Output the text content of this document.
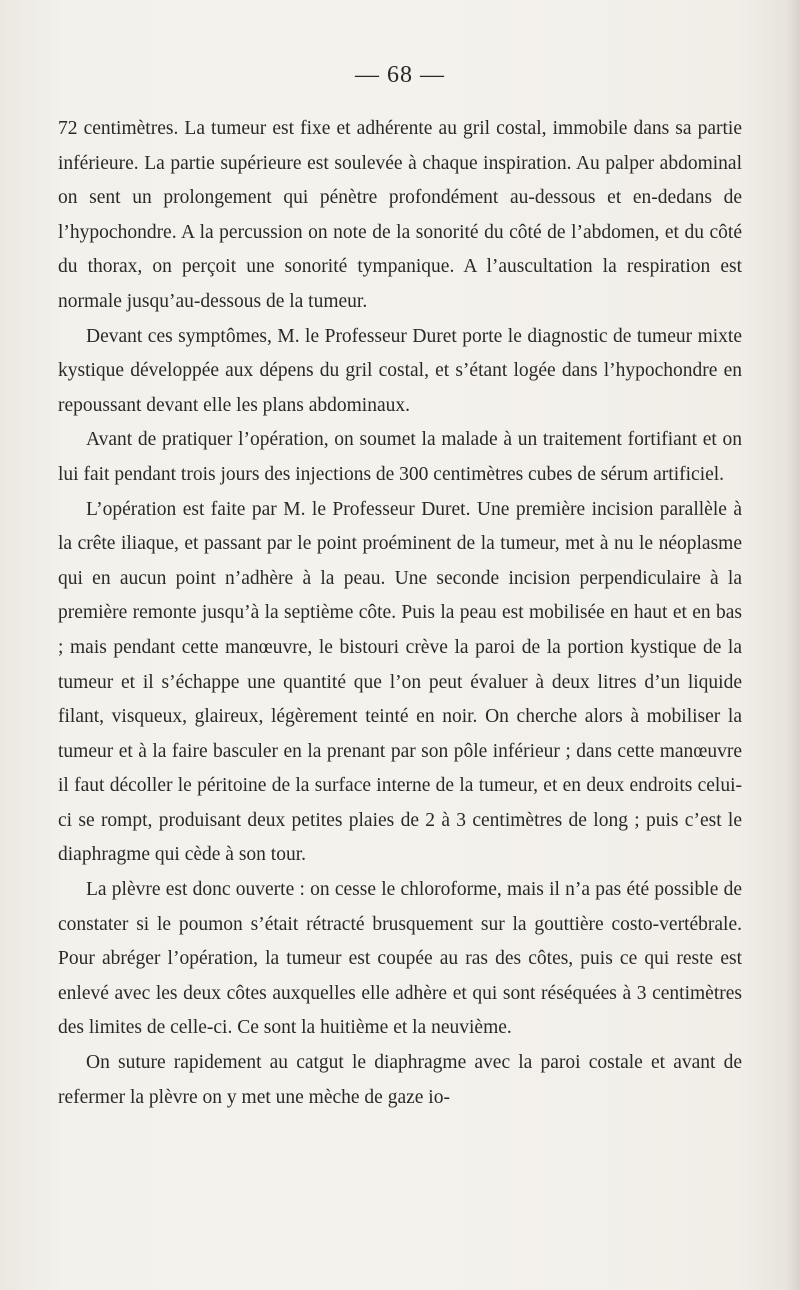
— 68 —

72 centimètres. La tumeur est fixe et adhérente au gril costal, immobile dans sa partie inférieure. La partie supérieure est soulevée à chaque inspiration. Au palper abdominal on sent un prolongement qui pénètre profondément au-dessous et en-dedans de l’hypochondre. A la percussion on note de la sonorité du côté de l’abdomen, et du côté du thorax, on perçoit une sonorité tympanique. A l’auscultation la respiration est normale jusqu’au-dessous de la tumeur.

Devant ces symptômes, M. le Professeur Duret porte le diagnostic de tumeur mixte kystique développée aux dépens du gril costal, et s’étant logée dans l’hypochondre en repoussant devant elle les plans abdominaux.

Avant de pratiquer l’opération, on soumet la malade à un traitement fortifiant et on lui fait pendant trois jours des injections de 300 centimètres cubes de sérum artificiel.

L’opération est faite par M. le Professeur Duret. Une première incision parallèle à la crête iliaque, et passant par le point proéminent de la tumeur, met à nu le néoplasme qui en aucun point n’adhère à la peau. Une seconde incision perpendiculaire à la première remonte jusqu’à la septième côte. Puis la peau est mobilisée en haut et en bas ; mais pendant cette manœuvre, le bistouri crève la paroi de la portion kystique de la tumeur et il s’échappe une quantité que l’on peut évaluer à deux litres d’un liquide filant, visqueux, glaireux, légèrement teinté en noir. On cherche alors à mobiliser la tumeur et à la faire basculer en la prenant par son pôle inférieur ; dans cette manœuvre il faut décoller le péritoine de la surface interne de la tumeur, et en deux endroits celui-ci se rompt, produisant deux petites plaies de 2 à 3 centimètres de long ; puis c’est le diaphragme qui cède à son tour.

La plèvre est donc ouverte : on cesse le chloroforme, mais il n’a pas été possible de constater si le poumon s’était rétracté brusquement sur la gouttière costo-vertébrale. Pour abréger l’opération, la tumeur est coupée au ras des côtes, puis ce qui reste est enlevé avec les deux côtes auxquelles elle adhère et qui sont réséquées à 3 centimètres des limites de celle-ci. Ce sont la huitième et la neuvième.

On suture rapidement au catgut le diaphragme avec la paroi costale et avant de refermer la plèvre on y met une mèche de gaze io-
